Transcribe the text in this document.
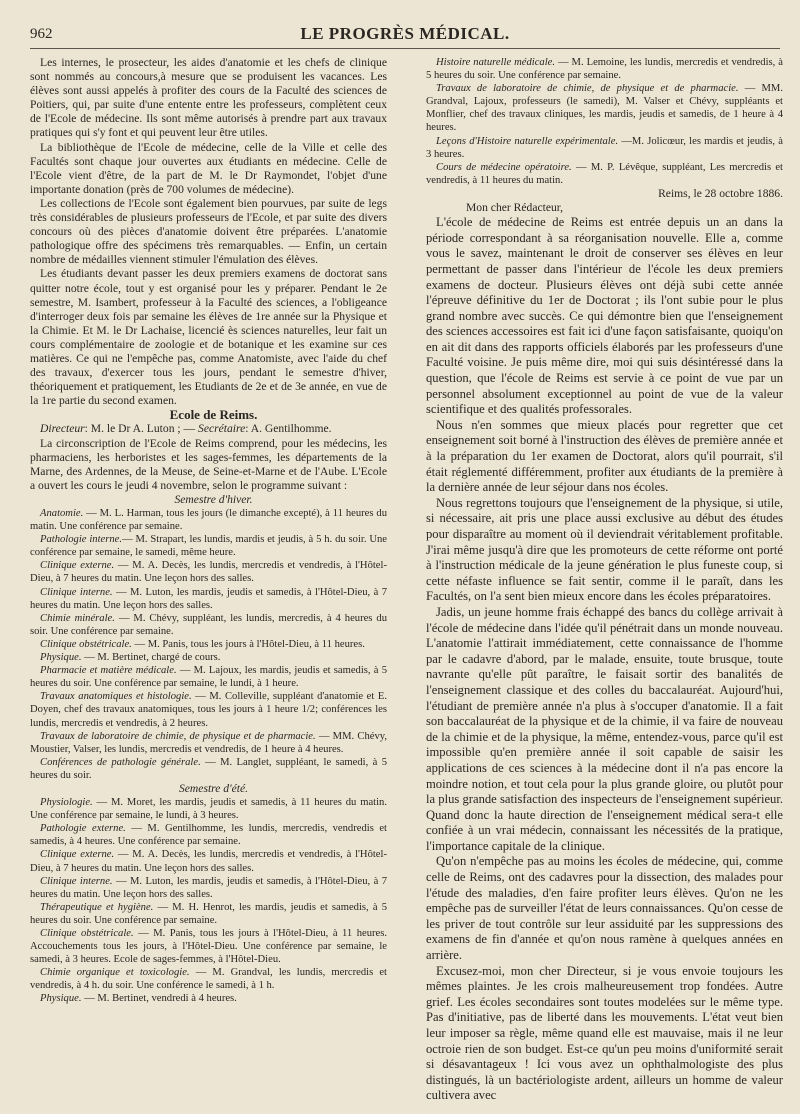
962	LE PROGRÈS MÉDICAL.

Les internes, le prosecteur, les aides d'anatomie et les chefs de clinique sont nommés au concours,à mesure que se produisent les vacances. Les élèves sont aussi appelés à profiter des cours de la Faculté des sciences de Poitiers, qui, par suite d'une entente entre les professeurs, complètent ceux de l'Ecole de médecine. Ils sont même autorisés à prendre part aux travaux pratiques qui s'y font et qui peuvent leur être utiles.

La bibliothèque de l'Ecole de médecine, celle de la Ville et celle des Facultés sont chaque jour ouvertes aux étudiants en médecine. Celle de l'Ecole vient d'être, de la part de M. le Dr Raymondet, l'objet d'une importante donation (près de 700 volumes de médecine).

Les collections de l'Ecole sont également bien pourvues, par suite de legs très considérables de plusieurs professeurs de l'Ecole, et par suite des divers concours où des pièces d'anatomie doivent être préparées. L'anatomie pathologique offre des spécimens très remarquables. — Enfin, un certain nombre de médailles viennent stimuler l'émulation des élèves.

Les étudiants devant passer les deux premiers examens de doctorat sans quitter notre école, tout y est organisé pour les y préparer. Pendant le 2e semestre, M. Isambert, professeur à la Faculté des sciences, a l'obligeance d'interroger deux fois par semaine les élèves de 1re année sur la Physique et la Chimie. Et M. le Dr Lachaise, licencié ès sciences naturelles, leur fait un cours complémentaire de zoologie et de botanique et les examine sur ces matières. Ce qui ne l'empêche pas, comme Anatomiste, avec l'aide du chef des travaux, d'exercer tous les jours, pendant le semestre d'hiver, théoriquement et pratiquement, les Etudiants de 2e et de 3e année, en vue de la 1re partie du second examen.

Ecole de Reims.

Directeur: M. le Dr A. Luton ; — Secrétaire: A. Gentilhomme.

La circonscription de l'Ecole de Reims comprend, pour les médecins, les pharmaciens, les herboristes et les sages-femmes, les départements de la Marne, des Ardennes, de la Meuse, de Seine-et-Marne et de l'Aube. L'Ecole a ouvert les cours le jeudi 4 novembre, selon le programme suivant :

Semestre d'hiver.

Anatomie. — M. L. Harman, tous les jours (le dimanche excepté), à 11 heures du matin. Une conférence par semaine.

Pathologie interne.— M. Strapart, les lundis, mardis et jeudis, à 5 h. du soir. Une conférence par semaine, le samedi, même heure.

Clinique externe. — M. A. Decès, les lundis, mercredis et vendredis, à l'Hôtel-Dieu, à 7 heures du matin. Une leçon hors des salles.

Clinique interne. — M. Luton, les mardis, jeudis et samedis, à l'Hôtel-Dieu, à 7 heures du matin. Une leçon hors des salles.

Chimie minérale. — M. Chévy, suppléant, les lundis, mercredis, à 4 heures du soir. Une conférence par semaine.

Clinique obstétricale. — M. Panis, tous les jours à l'Hôtel-Dieu, à 11 heures.

Physique. — M. Bertinet, chargé de cours.

Pharmacie et matière médicale. — M. Lajoux, les mardis, jeudis et samedis, à 5 heures du soir. Une conférence par semaine, le lundi, à 1 heure.

Travaux anatomiques et histologie. — M. Colleville, suppléant d'anatomie et E. Doyen, chef des travaux anatomiques, tous les jours à 1 heure 1/2; conférences les lundis, mercredis et vendredis, à 2 heures.

Travaux de laboratoire de chimie, de physique et de pharmacie. — MM. Chévy, Moustier, Valser, les lundis, mercredis et vendredis, de 1 heure à 4 heures.

Conférences de pathologie générale. — M. Langlet, suppléant, le samedi, à 5 heures du soir.

Semestre d'été.

Physiologie. — M. Moret, les mardis, jeudis et samedis, à 11 heures du matin. Une conférence par semaine, le lundi, à 3 heures.

Pathologie externe. — M. Gentilhomme, les lundis, mercredis, vendredis et samedis, à 4 heures. Une conférence par semaine.

Clinique externe. — M. A. Decès, les lundis, mercredis et vendredis, à l'Hôtel-Dieu, à 7 heures du matin. Une leçon hors des salles.

Clinique interne. — M. Luton, les mardis, jeudis et samedis, à l'Hôtel-Dieu, à 7 heures du matin. Une leçon hors des salles.

Thérapeutique et hygiène. — M. H. Henrot, les mardis, jeudis et samedis, à 5 heures du soir. Une conférence par semaine.

Clinique obstétricale. — M. Panis, tous les jours à l'Hôtel-Dieu, à 11 heures. Accouchements tous les jours, à l'Hôtel-Dieu. Une conférence par semaine, le samedi, à 3 heures. Ecole de sages-femmes, à l'Hôtel-Dieu.

Chimie organique et toxicologie. — M. Grandval, les lundis, mercredis et vendredis, à 4 h. du soir. Une conférence le samedi, à 1 h.

Physique. — M. Bertinet, vendredi à 4 heures.

Histoire naturelle médicale. — M. Lemoine, les lundis, mercredis et vendredis, à 5 heures du soir. Une conférence par semaine.

Travaux de laboratoire de chimie, de physique et de pharmacie. — MM. Grandval, Lajoux, professeurs (le samedi), M. Valser et Chévy, suppléants et Monflier, chef des travaux cliniques, les mardis, jeudis et samedis, de 1 heure à 4 heures.

Leçons d'Histoire naturelle expérimentale. —M. Jolicœur, les mardis et jeudis, à 3 heures.

Cours de médecine opératoire. — M. P. Lévêque, suppléant, Les mercredis et vendredis, à 11 heures du matin.

Reims, le 28 octobre 1886.

Mon cher Rédacteur,

L'école de médecine de Reims est entrée depuis un an dans la période correspondant à sa réorganisation nouvelle. Elle a, comme vous le savez, maintenant le droit de conserver ses élèves en leur permettant de passer dans l'intérieur de l'école les deux premiers examens de docteur. Plusieurs élèves ont déjà subi cette année l'épreuve définitive du 1er de Doctorat ; ils l'ont subie pour le plus grand nombre avec succès. Ce qui démontre bien que l'enseignement des sciences accessoires est fait ici d'une façon satisfaisante, quoiqu'on en ait dit dans des rapports officiels élaborés par les professeurs d'une Faculté voisine. Je puis même dire, moi qui suis désintéressé dans la question, que l'école de Reims est servie à ce point de vue par un personnel absolument exceptionnel au point de vue de la valeur scientifique et des qualités professorales.

Nous n'en sommes que mieux placés pour regretter que cet enseignement soit borné à l'instruction des élèves de première année et à la préparation du 1er examen de Doctorat, alors qu'il pourrait, s'il était réglementé différemment, profiter aux étudiants de la première à la dernière année de leur séjour dans nos écoles.

Nous regrettons toujours que l'enseignement de la physique, si utile, si nécessaire, ait pris une place aussi exclusive au début des études pour disparaître au moment où il deviendrait véritablement profitable. J'irai même jusqu'à dire que les promoteurs de cette réforme ont porté à l'instruction médicale de la jeune génération le plus funeste coup, si cette néfaste influence se fait sentir, comme il le paraît, dans les Facultés, on l'a sent bien mieux encore dans les écoles préparatoires.

Jadis, un jeune homme frais échappé des bancs du collège arrivait à l'école de médecine dans l'idée qu'il pénétrait dans un monde nouveau. L'anatomie l'attirait immédiatement, cette connaissance de l'homme par le cadavre d'abord, par le malade, ensuite, toute brusque, toute navrante qu'elle pût paraître, le faisait sortir des banalités de l'enseignement classique et des colles du baccalauréat. Aujourd'hui, l'étudiant de première année n'a plus à s'occuper d'anatomie. Il a fait son baccalauréat de la physique et de la chimie, il va faire de nouveau de la chimie et de la physique, la même, entendez-vous, parce qu'il est impossible qu'en première année il soit capable de saisir les applications de ces sciences à la médecine dont il n'a pas encore la moindre notion, et tout cela pour la plus grande gloire, ou plutôt pour la plus grande satisfaction des inspecteurs de l'enseignement supérieur. Quand donc la haute direction de l'enseignement médical sera-t elle confiée à un vrai médecin, connaissant les nécessités de la pratique, l'importance capitale de la clinique.

Qu'on n'empêche pas au moins les écoles de médecine, qui, comme celle de Reims, ont des cadavres pour la dissection, des malades pour l'étude des maladies, d'en faire profiter leurs élèves. Qu'on ne les empêche pas de surveiller l'état de leurs connaissances. Qu'on cesse de les priver de tout contrôle sur leur assiduité par les suppressions des examens de fin d'année et qu'on nous ramène à quelques années en arrière.

Excusez-moi, mon cher Directeur, si je vous envoie toujours les mêmes plaintes. Je les crois malheureusement trop fondées. Autre grief. Les écoles secondaires sont toutes modelées sur le même type. Pas d'initiative, pas de liberté dans les mouvements. L'état veut bien leur imposer sa règle, même quand elle est mauvaise, mais il ne leur octroie rien de son budget. Est-ce qu'un peu moins d'uniformité serait si désavantageux ! Ici vous avez un ophthalmologiste des plus distingués, là un bactériologiste ardent, ailleurs un homme de valeur cultivera avec
